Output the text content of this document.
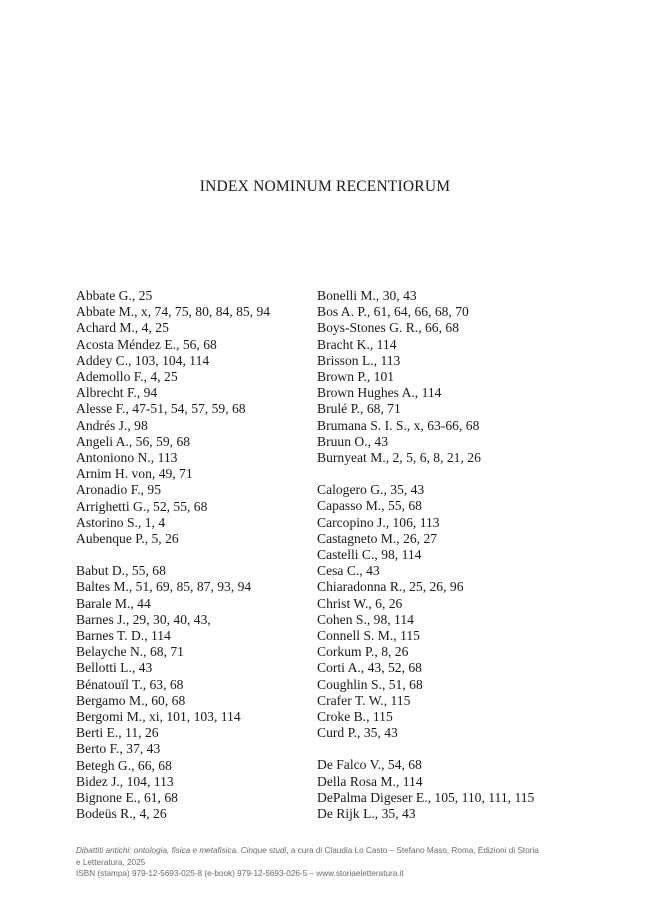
INDEX NOMINUM RECENTIORUM
Abbate G., 25
Abbate M., x, 74, 75, 80, 84, 85, 94
Achard M., 4, 25
Acosta Méndez E., 56, 68
Addey C., 103, 104, 114
Ademollo F., 4, 25
Albrecht F., 94
Alesse F., 47-51, 54, 57, 59, 68
Andrés J., 98
Angeli A., 56, 59, 68
Antoniono N., 113
Arnim H. von, 49, 71
Aronadio F., 95
Arrighetti G., 52, 55, 68
Astorino S., 1, 4
Aubenque P., 5, 26
Babut D., 55, 68
Baltes M., 51, 69, 85, 87, 93, 94
Barale M., 44
Barnes J., 29, 30, 40, 43,
Barnes T. D., 114
Belayche N., 68, 71
Bellotti L., 43
Bénatouïl T., 63, 68
Bergamo M., 60, 68
Bergomi M., xi, 101, 103, 114
Berti E., 11, 26
Berto F., 37, 43
Betegh G., 66, 68
Bidez J., 104, 113
Bignone E., 61, 68
Bodeüs R., 4, 26
Bonelli M., 30, 43
Bos A. P., 61, 64, 66, 68, 70
Boys-Stones G. R., 66, 68
Bracht K., 114
Brisson L., 113
Brown P., 101
Brown Hughes A., 114
Brulé P., 68, 71
Brumana S. I. S., x, 63-66, 68
Bruun O., 43
Burnyeat M., 2, 5, 6, 8, 21, 26
Calogero G., 35, 43
Capasso M., 55, 68
Carcopino J., 106, 113
Castagneto M., 26, 27
Castelli C., 98, 114
Cesa C., 43
Chiaradonna R., 25, 26, 96
Christ W., 6, 26
Cohen S., 98, 114
Connell S. M., 115
Corkum P., 8, 26
Corti A., 43, 52, 68
Coughlin S., 51, 68
Crafer T. W., 115
Croke B., 115
Curd P., 35, 43
De Falco V., 54, 68
Della Rosa M., 114
DePalma Digeser E., 105, 110, 111, 115
De Rijk L., 35, 43
Dibattiti antichi: ontologia, fisica e metafisica. Cinque studi, a cura di Claudia Lo Casto – Stefano Maso, Roma, Edizioni di Storia
e Letteratura, 2025
ISBN (stampa) 979-12-5693-025-8 (e-book) 979-12-5693-026-5 – www.storiaeletteratura.it
